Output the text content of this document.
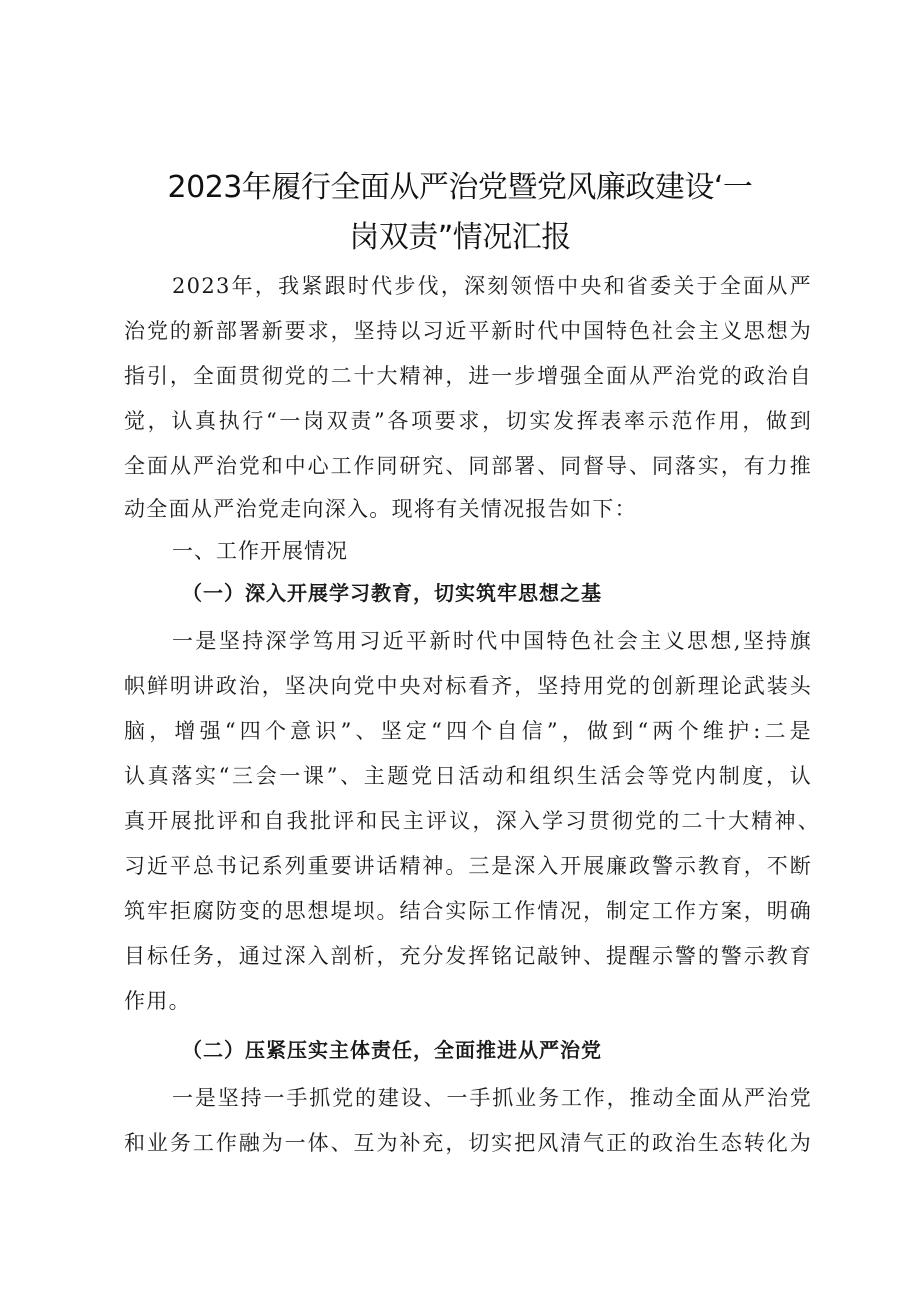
2023年履行全面从严治党暨党风廉政建设‘一
岗双责”情况汇报
2023年，我紧跟时代步伐，深刻领悟中央和省委关于全面从严
治党的新部署新要求，坚持以习近平新时代中国特色社会主义思想为
指引，全面贯彻党的二十大精神，进一步增强全面从严治党的政治自
觉，认真执行“一岗双责”各项要求，切实发挥表率示范作用，做到
全面从严治党和中心工作同研究、同部署、同督导、同落实，有力推
动全面从严治党走向深入。现将有关情况报告如下：
一、工作开展情况
（一）深入开展学习教育，切实筑牢思想之基
一是坚持深学笃用习近平新时代中国特色社会主义思想,坚持旗
帜鲜明讲政治，坚决向党中央对标看齐，坚持用党的创新理论武装头
脑，增强“四个意识”、坚定“四个自信”，做到“两个维护:二是
认真落实“三会一课”、主题党日活动和组织生活会等党内制度，认
真开展批评和自我批评和民主评议，深入学习贯彻党的二十大精神、
习近平总书记系列重要讲话精神。三是深入开展廉政警示教育，不断
筑牢拒腐防变的思想堤坝。结合实际工作情况，制定工作方案，明确
目标任务，通过深入剖析，充分发挥铭记敲钟、提醒示警的警示教育
作用。
（二）压紧压实主体责任，全面推进从严治党
一是坚持一手抓党的建设、一手抓业务工作，推动全面从严治党
和业务工作融为一体、互为补充，切实把风清气正的政治生态转化为
